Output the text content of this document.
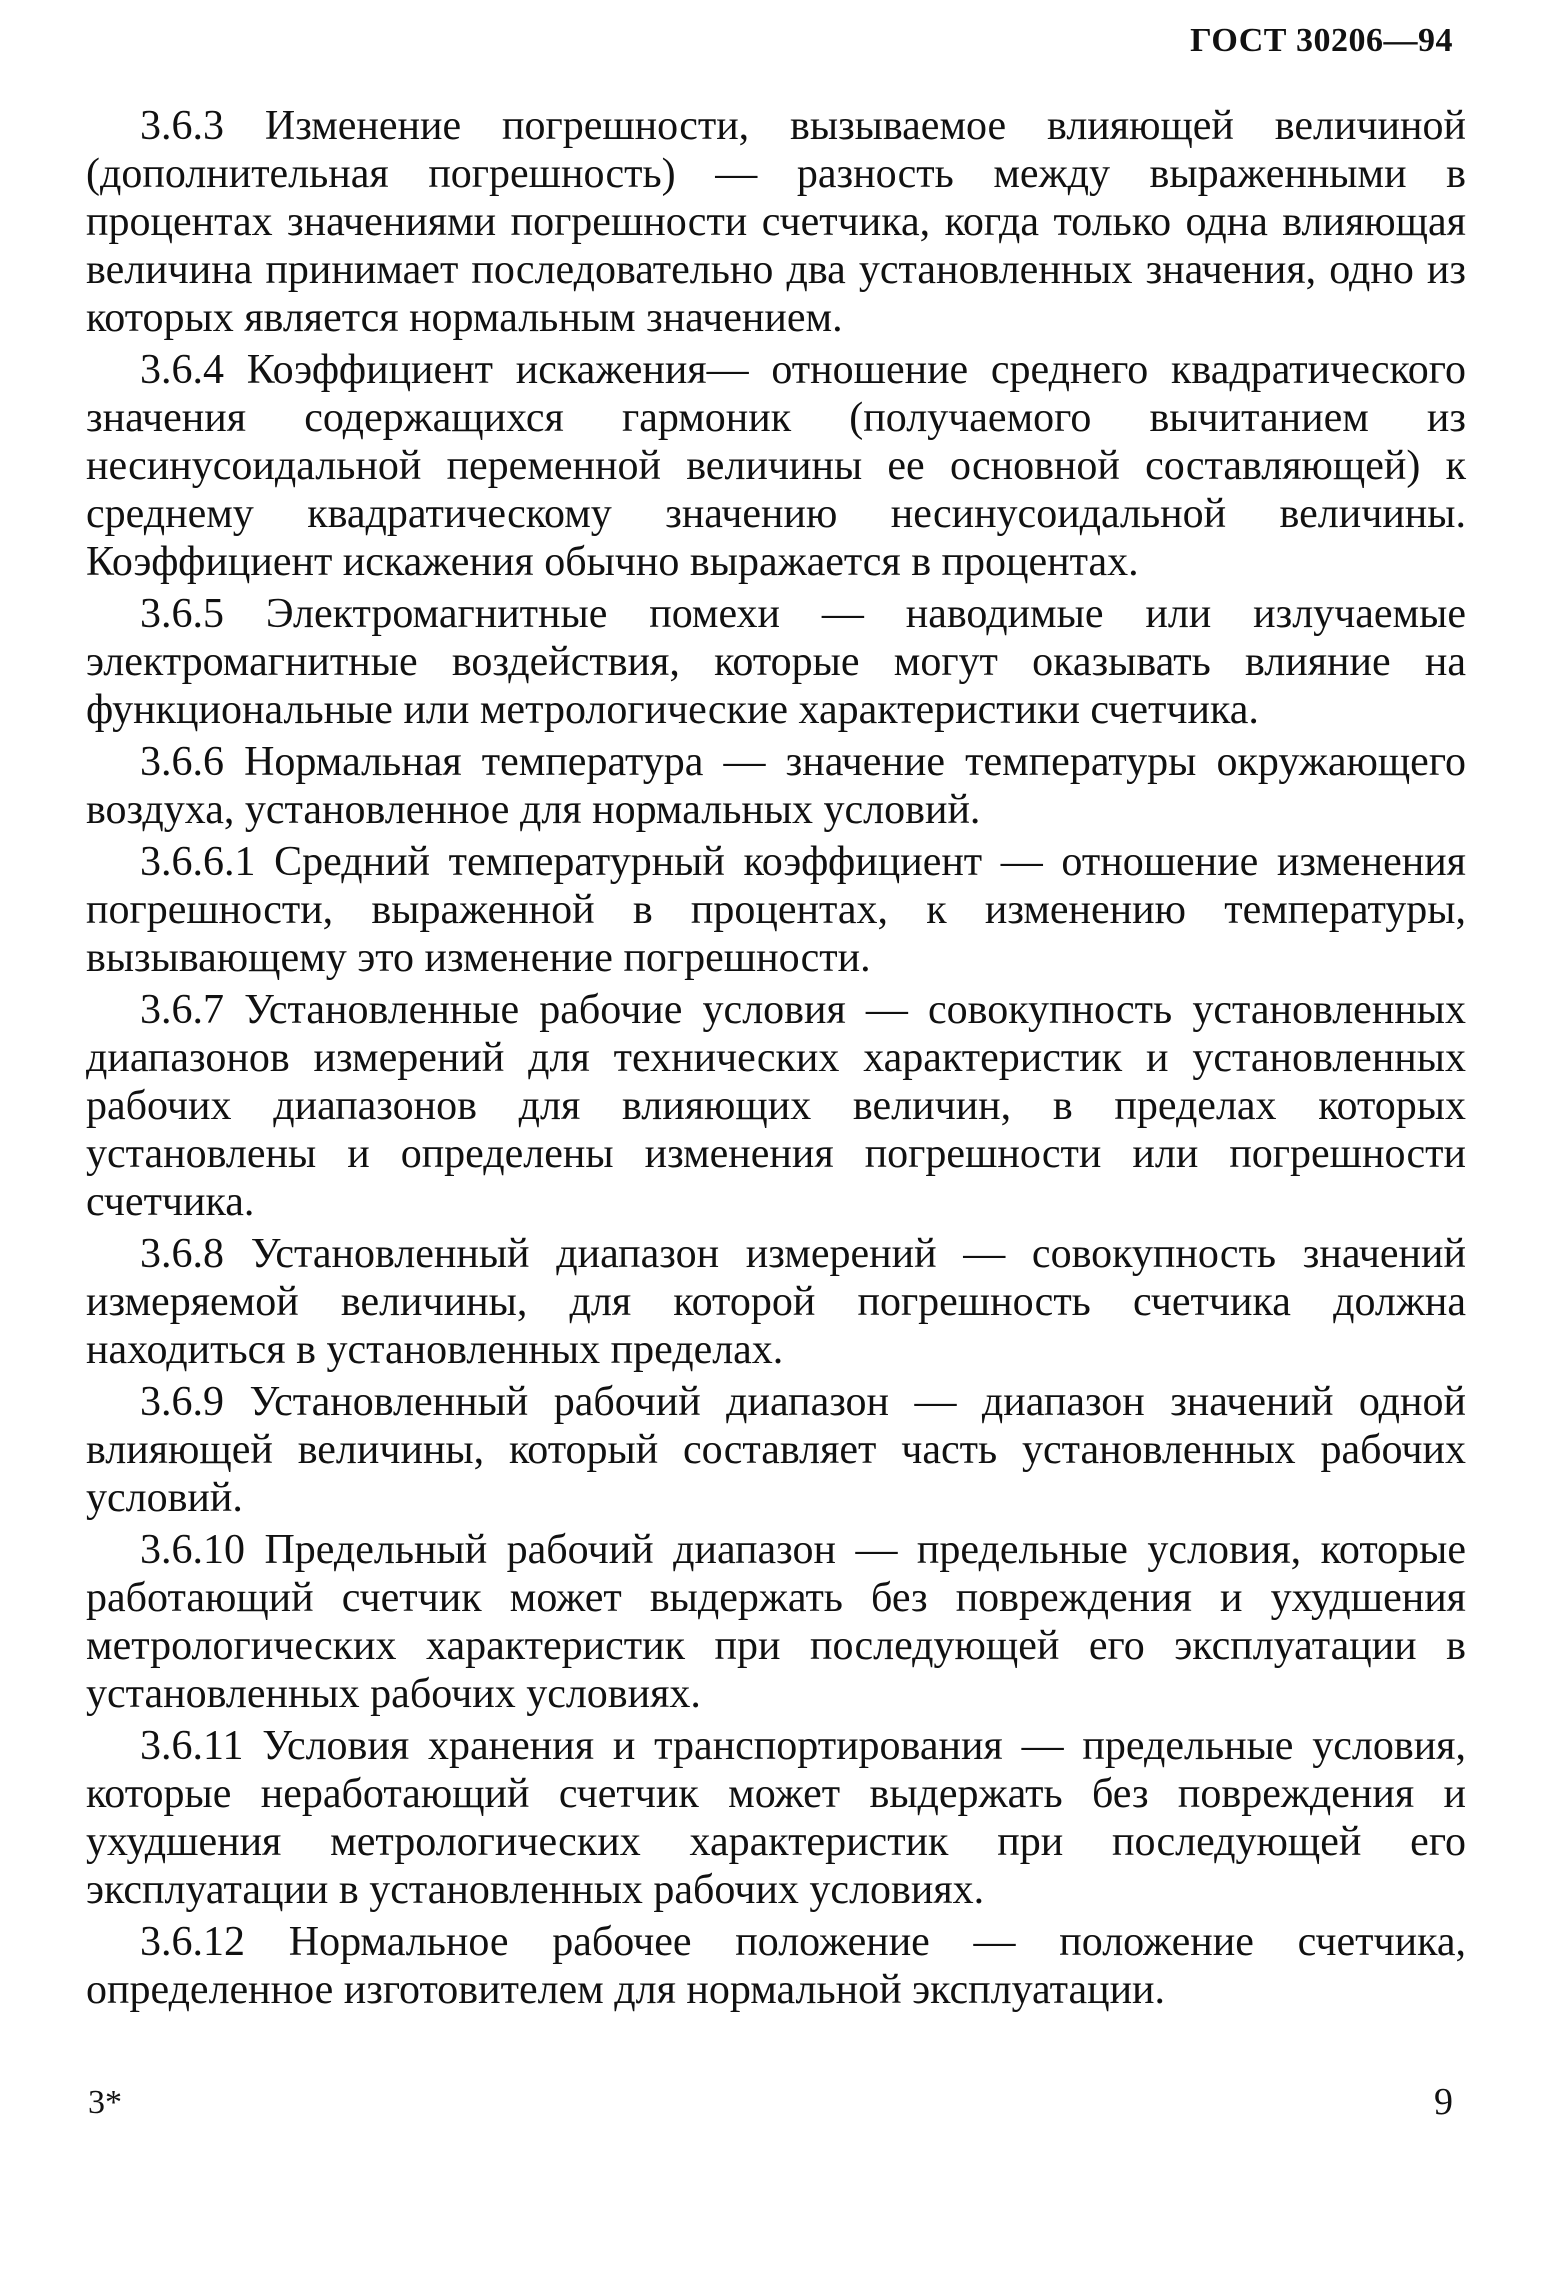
ГОСТ 30206—94

3.6.3 Изменение погрешности, вызываемое влияющей величиной (дополнительная погрешность) — разность между выраженными в процентах значениями погрешности счетчика, когда только одна влияющая величина принимает последовательно два установленных значения, одно из которых является нормальным значением.

3.6.4 Коэффициент искажения— отношение среднего квадратического значения содержащихся гармоник (получаемого вычитанием из несинусоидальной переменной величины ее основной составляющей) к среднему квадратическому значению несинусоидальной величины. Коэффициент искажения обычно выражается в процентах.

3.6.5 Электромагнитные помехи — наводимые или излучаемые электромагнитные воздействия, которые могут оказывать влияние на функциональные или метрологические характеристики счетчика.

3.6.6 Нормальная температура — значение температуры окружающего воздуха, установленное для нормальных условий.

3.6.6.1 Средний температурный коэффициент — отношение изменения погрешности, выраженной в процентах, к изменению температуры, вызывающему это изменение погрешности.

3.6.7 Установленные рабочие условия — совокупность установленных диапазонов измерений для технических характеристик и установленных рабочих диапазонов для влияющих величин, в пределах которых установлены и определены изменения погрешности или погрешности счетчика.

3.6.8 Установленный диапазон измерений — совокупность значений измеряемой величины, для которой погрешность счетчика должна находиться в установленных пределах.

3.6.9 Установленный рабочий диапазон — диапазон значений одной влияющей величины, который составляет часть установленных рабочих условий.

3.6.10 Предельный рабочий диапазон — предельные условия, которые работающий счетчик может выдержать без повреждения и ухудшения метрологических характеристик при последующей его эксплуатации в установленных рабочих условиях.

3.6.11 Условия хранения и транспортирования — предельные условия, которые неработающий счетчик может выдержать без повреждения и ухудшения метрологических характеристик при последующей его эксплуатации в установленных рабочих условиях.

3.6.12 Нормальное рабочее положение — положение счетчика, определенное изготовителем для нормальной эксплуатации.

3*	9
